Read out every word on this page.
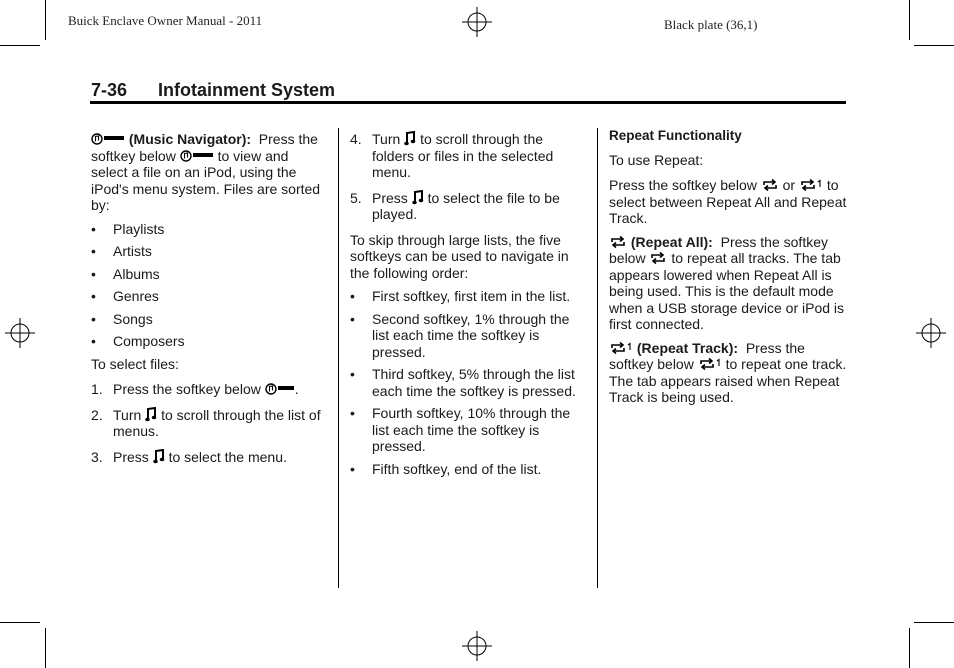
Buick Enclave Owner Manual - 2011	Black plate (36,1)
7-36 Infotainment System

(Music Navigator): Press the softkey below	to view and select a file on an iPod, using the iPod's menu system. Files are sorted by:

• Playlists
• Artists
• Albums
• Genres
• Songs
• Composers

To select files:

1. Press the softkey below .
2. Turn to scroll through the list of menus.
3. Press to select the menu.
4. Turn to scroll through the folders or files in the selected menu.
5. Press to select the file to be played.

To skip through large lists, the five softkeys can be used to navigate in the following order:

• First softkey, first item in the list.
• Second softkey, 1% through the list each time the softkey is pressed.
• Third softkey, 5% through the list each time the softkey is pressed.
• Fourth softkey, 10% through the list each time the softkey is pressed.
• Fifth softkey, end of the list.

Repeat Functionality

To use Repeat:

Press the softkey below or to select between Repeat All and Repeat Track.

(Repeat All): Press the softkey below to repeat all tracks. The tab appears lowered when Repeat All is being used. This is the default mode when a USB storage device or iPod is first connected.

(Repeat Track): Press the softkey below to repeat one track. The tab appears raised when Repeat Track is being used.
